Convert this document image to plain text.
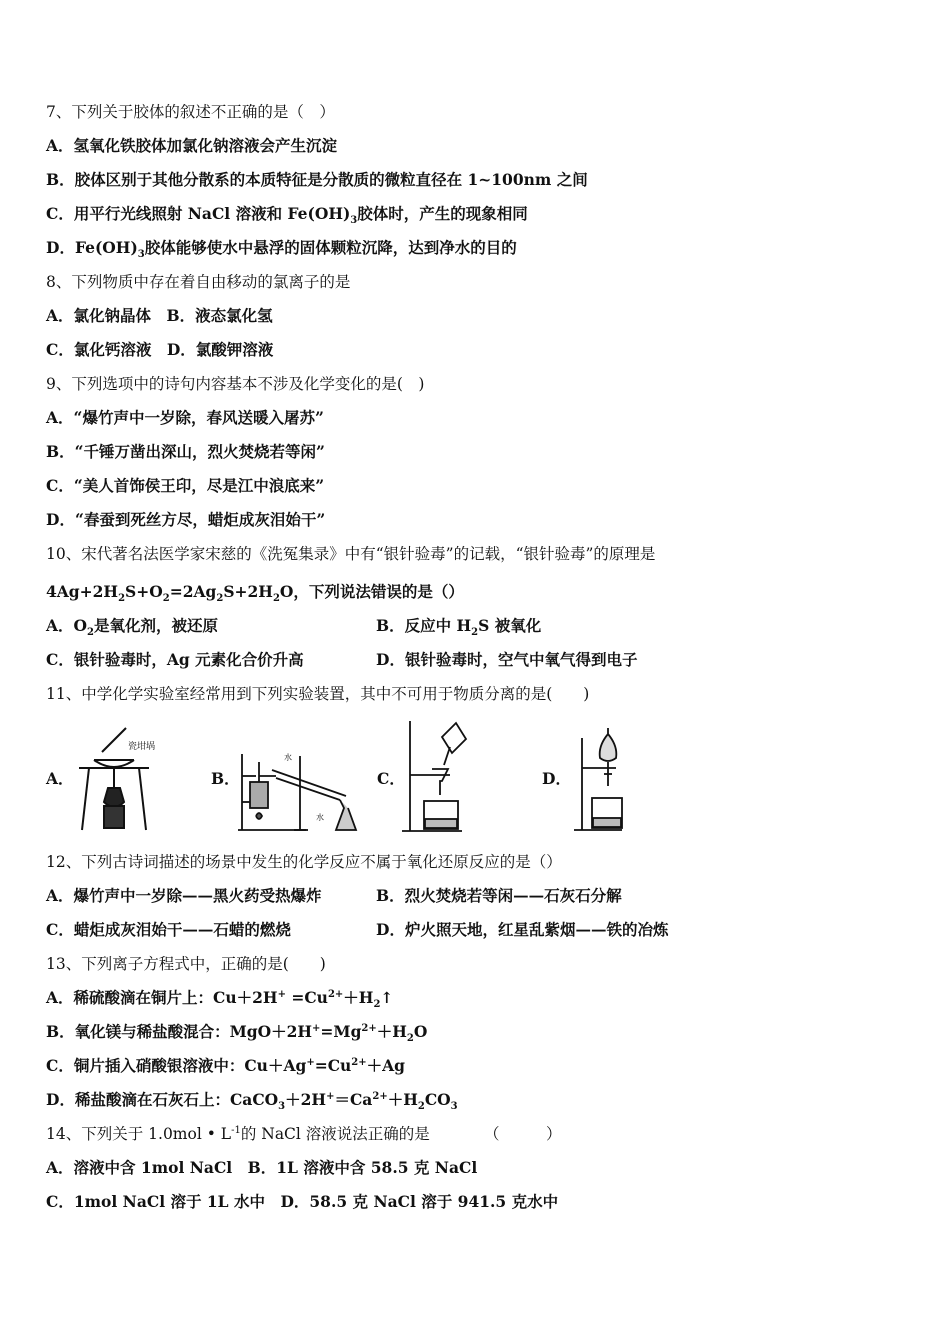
7、下列关于胶体的叙述不正确的是（　）
A．氢氧化铁胶体加氯化钠溶液会产生沉淀
B．胶体区别于其他分散系的本质特征是分散质的微粒直径在 1~100nm 之间
C．用平行光线照射 NaCl 溶液和 $Fe(OH)_3$胶体时，产生的现象相同
D．$Fe(OH)_3$胶体能够使水中悬浮的固体颗粒沉降，达到净水的目的
8、下列物质中存在着自由移动的氯离子的是
A．氯化钠晶体　B．液态氯化氢
C．氯化钙溶液　D．氯酸钾溶液
9、下列选项中的诗句内容基本不涉及化学变化的是(　)
A．“爆竹声中一岁除，春风送暖入屠苏”
B．“千锤万凿出深山，烈火焚烧若等闲”
C．“美人首饰侯王印，尽是江中浪底来”
D．“春蚕到死丝方尽，蜡炬成灰泪始干”
10、宋代著名法医学家宋慈的《洗冤集录》中有“银针验毒”的记载，“银针验毒”的原理是
$4Ag+2H_2S+O_2=2Ag_2S+2H_2O$，下列说法错误的是（）
A．$O_2$是氧化剂，被还原	B．反应中 $H_2S$ 被氧化
C．银针验毒时，Ag 元素化合价升高	D．银针验毒时，空气中氧气得到电子
11、中学化学实验室经常用到下列实验装置，其中不可用于物质分离的是(　　)
A．
瓷坩埚
B．
水
水
C．	D．
12、下列古诗词描述的场景中发生的化学反应不属于氧化还原反应的是（）
A．爆竹声中一岁除——黑火药受热爆炸	B．烈火焚烧若等闲——石灰石分解
C．蜡炬成灰泪始干——石蜡的燃烧	D．炉火照天地，红星乱紫烟——铁的冶炼
13、下列离子方程式中，正确的是(　　)
A．稀硫酸滴在铜片上：$Cu+2H^+ =Cu^{2+}+H_2↑$
B．氧化镁与稀盐酸混合：$MgO+2H^+=Mg^{2+}+H_2O$
C．铜片插入硝酸银溶液中：$Cu+Ag^+=Cu^{2+}+Ag$
D．稀盐酸滴在石灰石上：$CaCO_3+2H^+=Ca^{2+}+H_2CO_3$
14、下列关于 1.0mol • $L^{-1}$的 NaCl 溶液说法正确的是　　　　（　　　）
A．溶液中含 1mol NaCl　B．1L 溶液中含 58.5 克 NaCl
C．1mol NaCl 溶于 1L 水中　D．58.5 克 NaCl 溶于 941.5 克水中
